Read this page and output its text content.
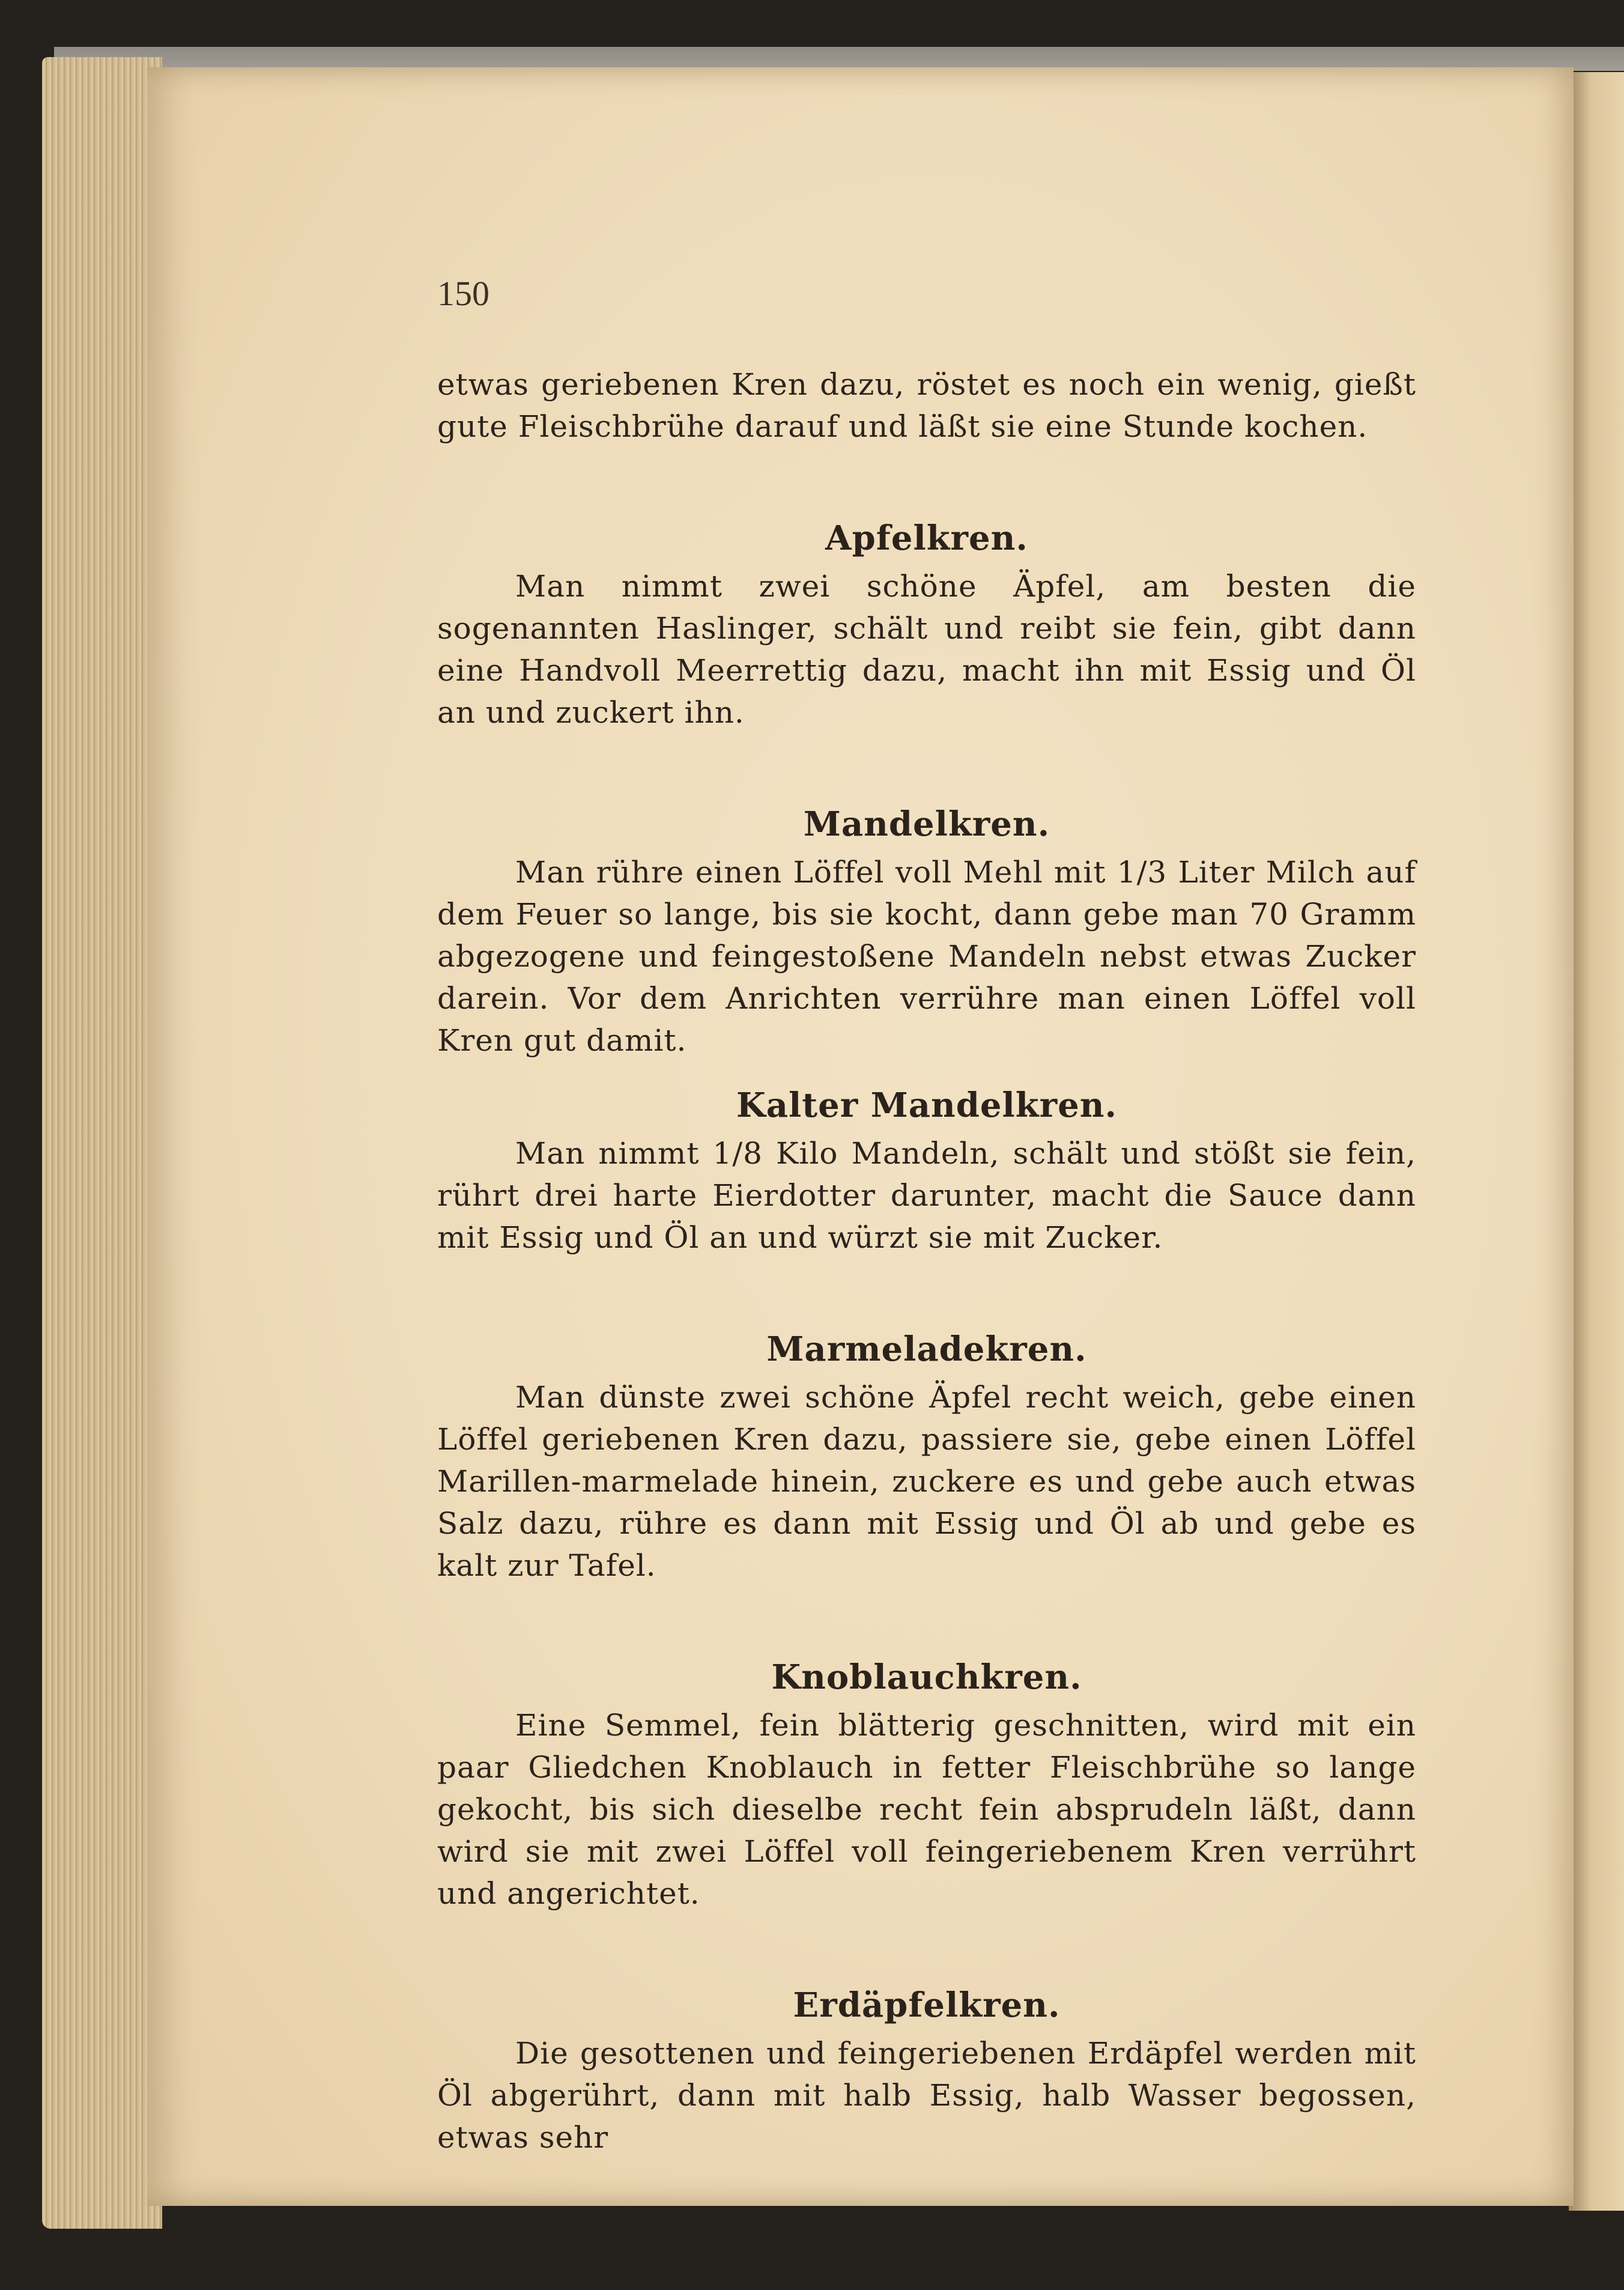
150

etwas geriebenen Kren dazu, röstet es noch ein wenig, gießt gute Fleischbrühe darauf und läßt sie eine Stunde kochen.

Apfelkren.

Man nimmt zwei schöne Äpfel, am besten die sogenannten Haslinger, schält und reibt sie fein, gibt dann eine Handvoll Meerrettig dazu, macht ihn mit Essig und Öl an und zuckert ihn.

Mandelkren.

Man rühre einen Löffel voll Mehl mit 1/3 Liter Milch auf dem Feuer so lange, bis sie kocht, dann gebe man 70 Gramm abgezogene und feingestoßene Mandeln nebst etwas Zucker darein. Vor dem Anrichten verrühre man einen Löffel voll Kren gut damit.

Kalter Mandelkren.

Man nimmt 1/8 Kilo Mandeln, schält und stößt sie fein, rührt drei harte Eierdotter darunter, macht die Sauce dann mit Essig und Öl an und würzt sie mit Zucker.

Marmeladekren.

Man dünste zwei schöne Äpfel recht weich, gebe einen Löffel geriebenen Kren dazu, passiere sie, gebe einen Löffel Marillen-marmelade hinein, zuckere es und gebe auch etwas Salz dazu, rühre es dann mit Essig und Öl ab und gebe es kalt zur Tafel.

Knoblauchkren.

Eine Semmel, fein blätterig geschnitten, wird mit ein paar Gliedchen Knoblauch in fetter Fleischbrühe so lange gekocht, bis sich dieselbe recht fein absprudeln läßt, dann wird sie mit zwei Löffel voll feingeriebenem Kren verrührt und angerichtet.

Erdäpfelkren.

Die gesottenen und feingeriebenen Erdäpfel werden mit Öl abgerührt, dann mit halb Essig, halb Wasser begossen, etwas sehr
